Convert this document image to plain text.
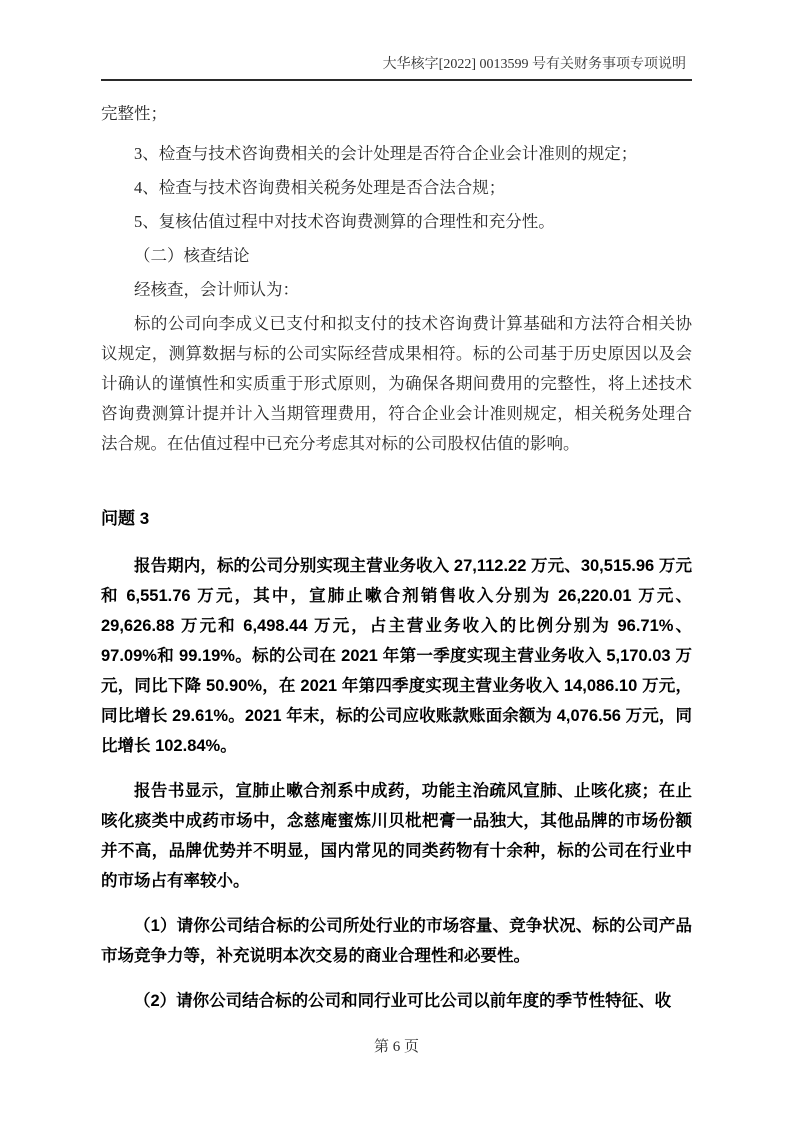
大华核字[2022] 0013599 号有关财务事项专项说明

完整性；

3、检查与技术咨询费相关的会计处理是否符合企业会计准则的规定；

4、检查与技术咨询费相关税务处理是否合法合规；

5、复核估值过程中对技术咨询费测算的合理性和充分性。

（二）核查结论

经核查，会计师认为：

标的公司向李成义已支付和拟支付的技术咨询费计算基础和方法符合相关协议规定，测算数据与标的公司实际经营成果相符。标的公司基于历史原因以及会计确认的谨慎性和实质重于形式原则，为确保各期间费用的完整性，将上述技术咨询费测算计提并计入当期管理费用，符合企业会计准则规定，相关税务处理合法合规。在估值过程中已充分考虑其对标的公司股权估值的影响。

问题 3

报告期内，标的公司分别实现主营业务收入 27,112.22 万元、30,515.96 万元和 6,551.76 万元，其中，宣肺止嗽合剂销售收入分别为 26,220.01 万元、29,626.88 万元和 6,498.44 万元，占主营业务收入的比例分别为 96.71%、97.09%和 99.19%。标的公司在 2021 年第一季度实现主营业务收入 5,170.03 万元，同比下降 50.90%，在 2021 年第四季度实现主营业务收入 14,086.10 万元，同比增长 29.61%。2021 年末，标的公司应收账款账面余额为 4,076.56 万元，同比增长 102.84%。

报告书显示，宣肺止嗽合剂系中成药，功能主治疏风宣肺、止咳化痰；在止咳化痰类中成药市场中，念慈庵蜜炼川贝枇杷膏一品独大，其他品牌的市场份额并不高，品牌优势并不明显，国内常见的同类药物有十余种，标的公司在行业中的市场占有率较小。

（1）请你公司结合标的公司所处行业的市场容量、竞争状况、标的公司产品市场竞争力等，补充说明本次交易的商业合理性和必要性。

（2）请你公司结合标的公司和同行业可比公司以前年度的季节性特征、收

第 6 页
